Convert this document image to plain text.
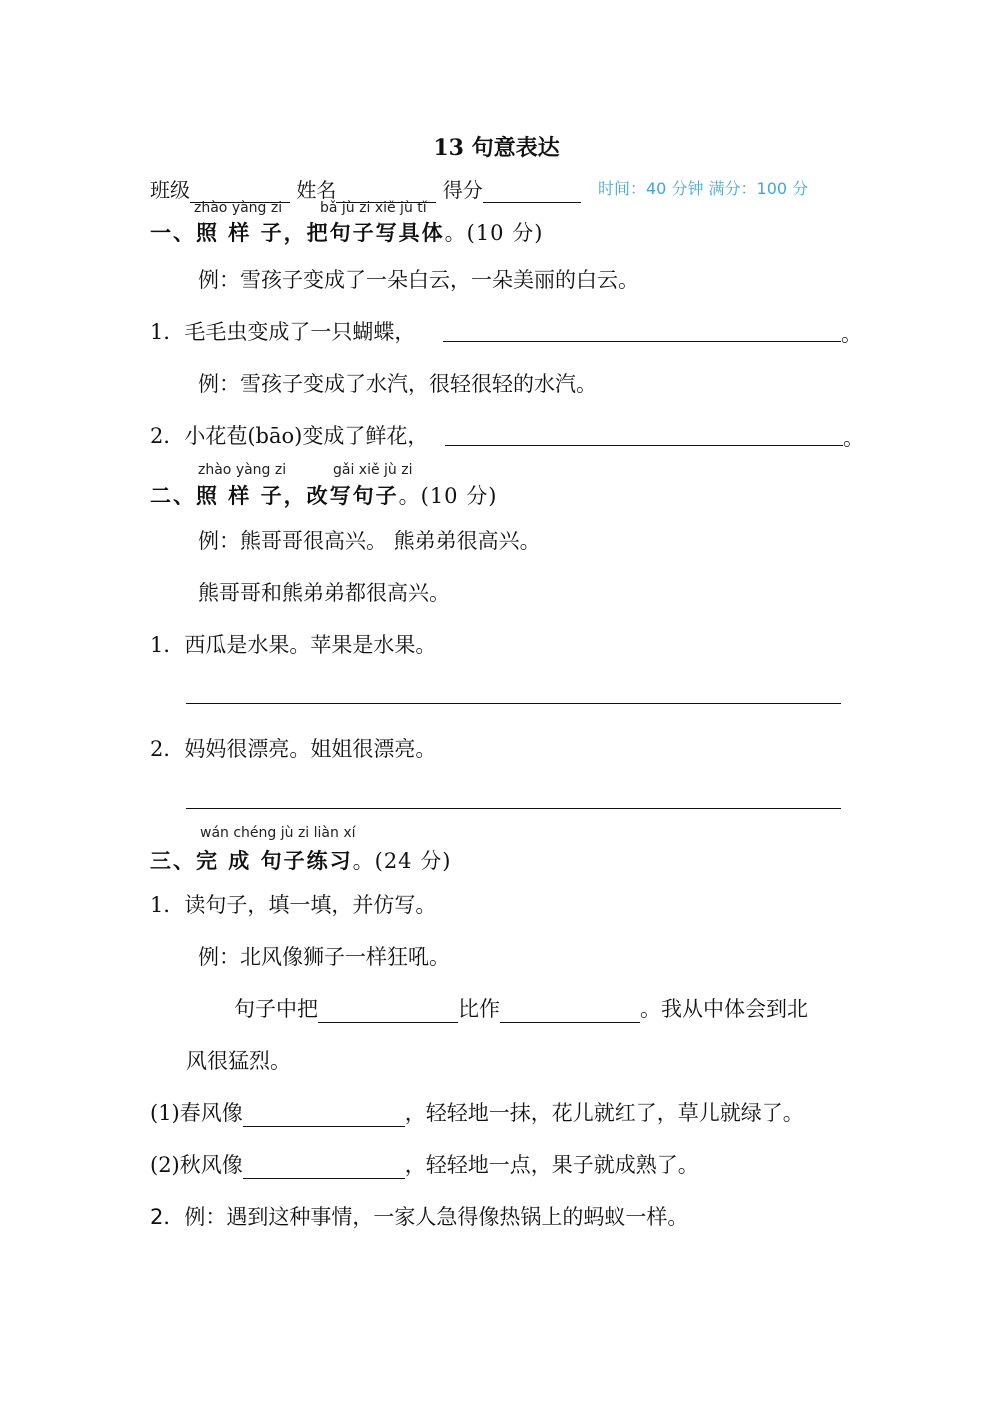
13 句意表达
班级	姓名	得分	时间：40 分钟 满分：100 分
zhào yàng zi	bǎ jù zi xiě jù tǐ
一、照 样 子，把句子写具体。(10 分)
例：雪孩子变成了一朵白云，一朵美丽的白云。
1．毛毛虫变成了一只蝴蝶，	。
例：雪孩子变成了水汽，很轻很轻的水汽。
2．小花苞(bāo)变成了鲜花，	。
zhào yàng zi	gǎi xiě jù zi
二、照 样 子，改写句子。(10 分)
例：熊哥哥很高兴。 熊弟弟很高兴。
熊哥哥和熊弟弟都很高兴。
1．西瓜是水果。苹果是水果。
2．妈妈很漂亮。姐姐很漂亮。
wán chéng jù zi liàn xí
三、完 成 句子练习。(24 分)
1．读句子，填一填，并仿写。
例：北风像狮子一样狂吼。
句子中把	比作	。我从中体会到北
风很猛烈。
(1)春风像	，轻轻地一抹，花儿就红了，草儿就绿了。
(2)秋风像	，轻轻地一点，果子就成熟了。
2．例：遇到这种事情，一家人急得像热锅上的蚂蚁一样。
